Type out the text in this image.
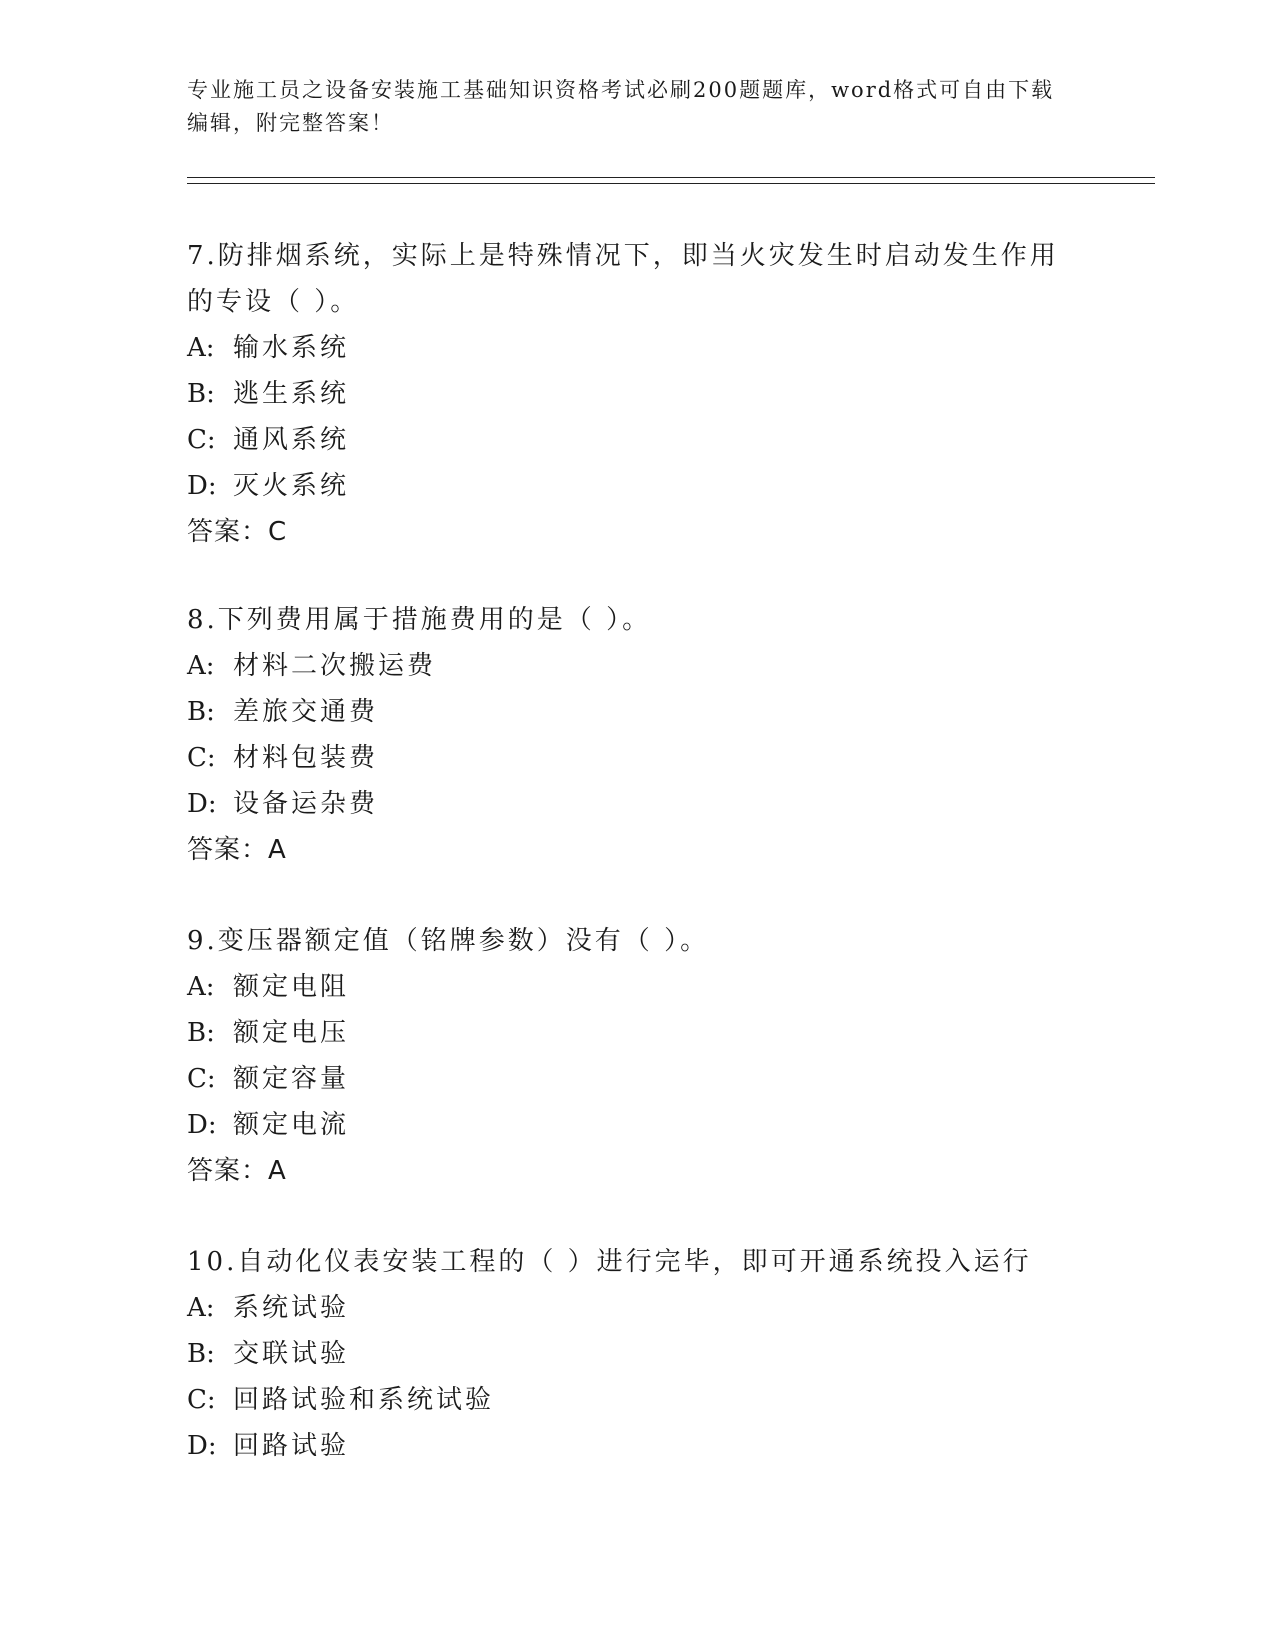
专业施工员之设备安装施工基础知识资格考试必刷200题题库，word格式可自由下载编辑，附完整答案！
7.防排烟系统，实际上是特殊情况下，即当火灾发生时启动发生作用的专设（ ）。
A: 输水系统
B: 逃生系统
C: 通风系统
D: 灭火系统
答案：C
8.下列费用属于措施费用的是（ ）。
A: 材料二次搬运费
B: 差旅交通费
C: 材料包装费
D: 设备运杂费
答案：A
9.变压器额定值（铭牌参数）没有（ ）。
A: 额定电阻
B: 额定电压
C: 额定容量
D: 额定电流
答案：A
10.自动化仪表安装工程的（ ）进行完毕，即可开通系统投入运行
A: 系统试验
B: 交联试验
C: 回路试验和系统试验
D: 回路试验
